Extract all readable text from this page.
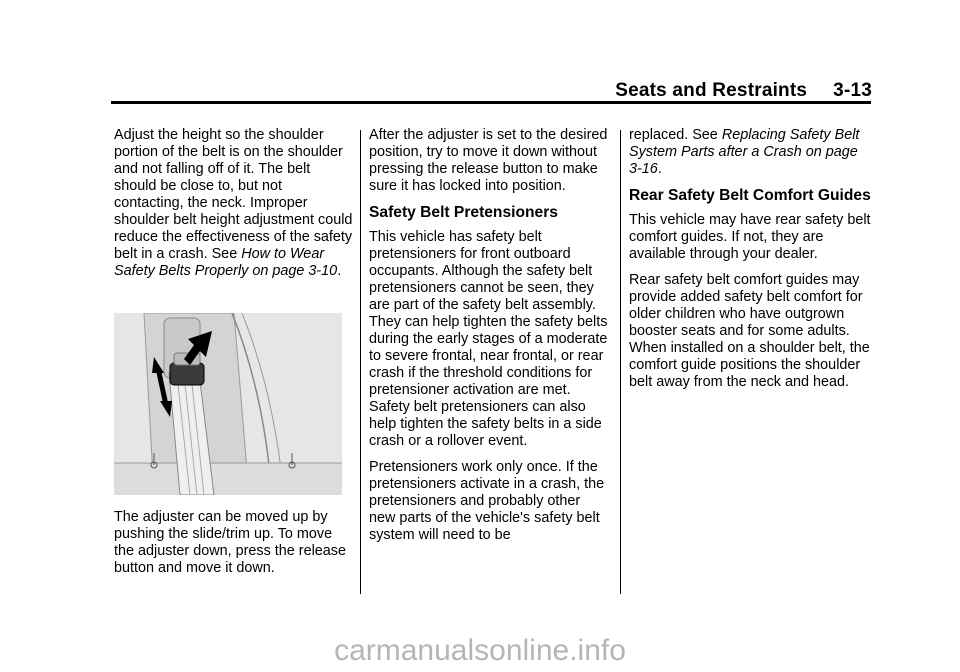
Seats and Restraints 3-13

Adjust the height so the shoulder portion of the belt is on the shoulder and not falling off of it. The belt should be close to, but not contacting, the neck. Improper shoulder belt height adjustment could reduce the effectiveness of the safety belt in a crash. See How to Wear Safety Belts Properly on page 3-10.

The adjuster can be moved up by pushing the slide/trim up. To move the adjuster down, press the release button and move it down.

After the adjuster is set to the desired position, try to move it down without pressing the release button to make sure it has locked into position.

Safety Belt Pretensioners

This vehicle has safety belt pretensioners for front outboard occupants. Although the safety belt pretensioners cannot be seen, they are part of the safety belt assembly. They can help tighten the safety belts during the early stages of a moderate to severe frontal, near frontal, or rear crash if the threshold conditions for pretensioner activation are met. Safety belt pretensioners can also help tighten the safety belts in a side crash or a rollover event.

Pretensioners work only once. If the pretensioners activate in a crash, the pretensioners and probably other new parts of the vehicle's safety belt system will need to be

replaced. See Replacing Safety Belt System Parts after a Crash on page 3-16.

Rear Safety Belt Comfort Guides

This vehicle may have rear safety belt comfort guides. If not, they are available through your dealer.

Rear safety belt comfort guides may provide added safety belt comfort for older children who have outgrown booster seats and for some adults. When installed on a shoulder belt, the comfort guide positions the shoulder belt away from the neck and head.

carmanualsonline.info
